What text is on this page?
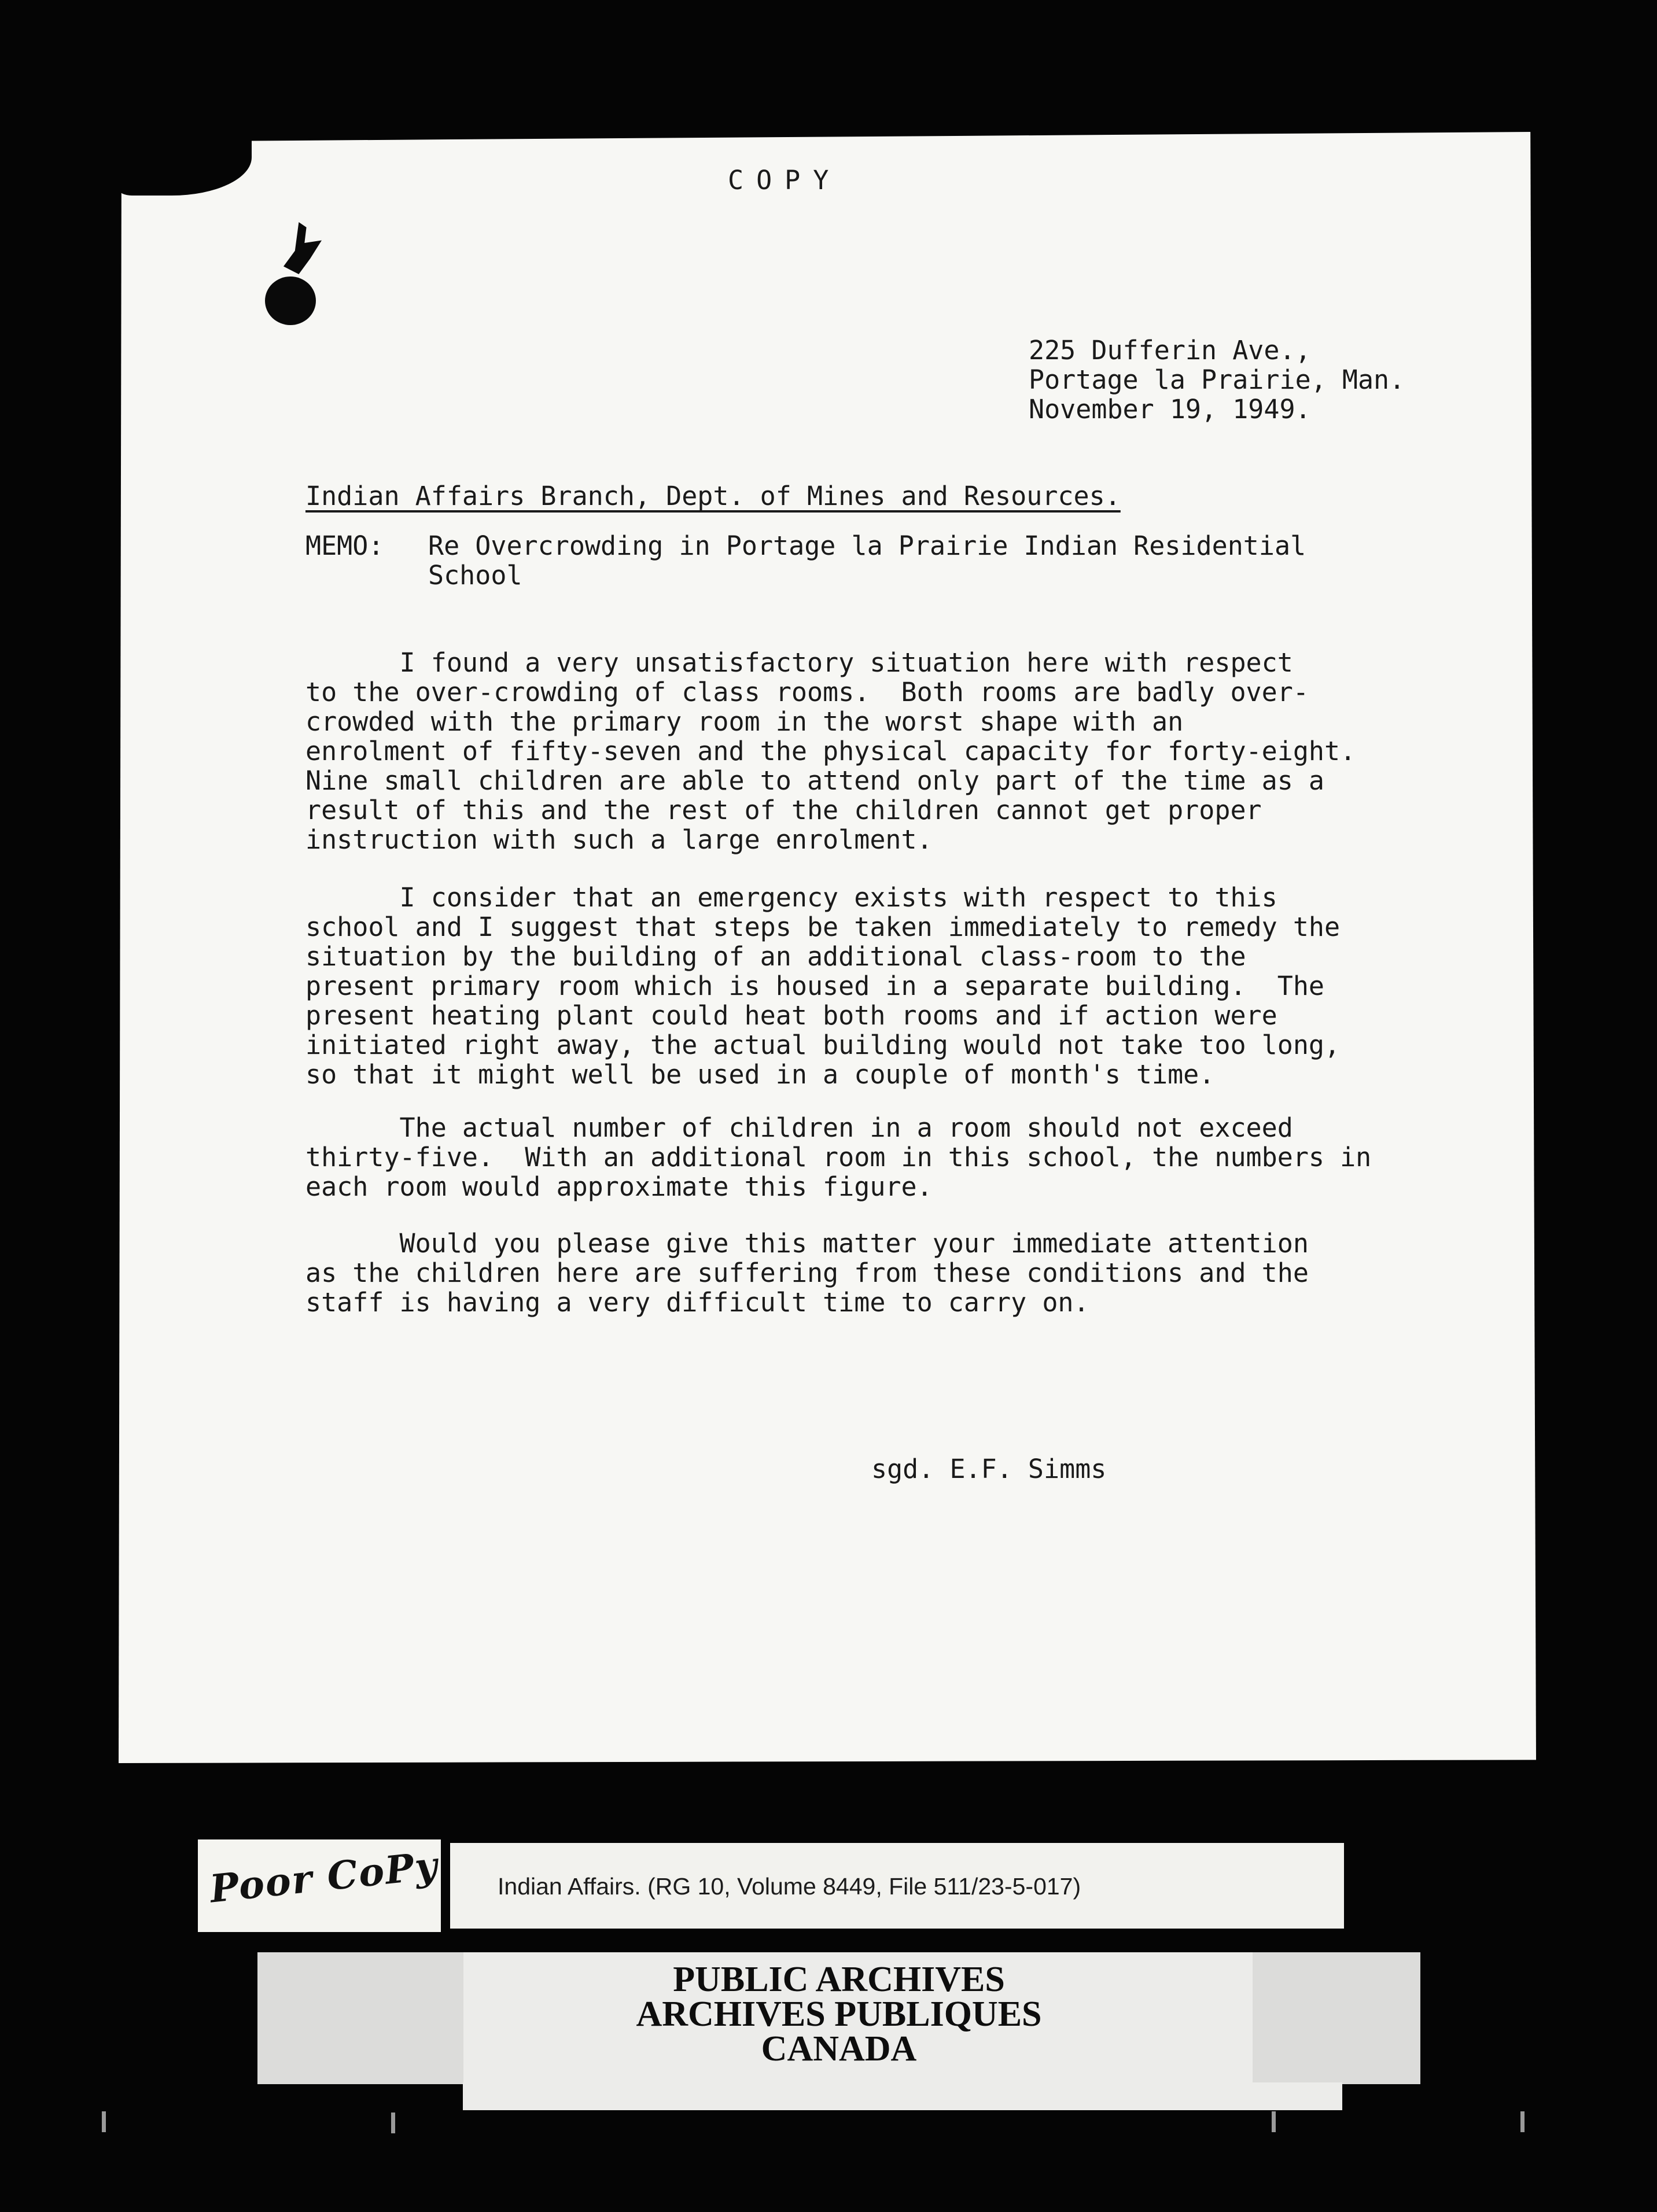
COPY
225 Dufferin Ave.,
Portage la Prairie, Man.
November 19, 1949.
Indian Affairs Branch, Dept. of Mines and Resources.
MEMO: Re Overcrowding in Portage la Prairie Indian Residential
School
I found a very unsatisfactory situation here with respect
to the over-crowding of class rooms.  Both rooms are badly over-
crowded with the primary room in the worst shape with an
enrolment of fifty-seven and the physical capacity for forty-eight.
Nine small children are able to attend only part of the time as a
result of this and the rest of the children cannot get proper
instruction with such a large enrolment.
I consider that an emergency exists with respect to this
school and I suggest that steps be taken immediately to remedy the
situation by the building of an additional class-room to the
present primary room which is housed in a separate building.  The
present heating plant could heat both rooms and if action were
initiated right away, the actual building would not take too long,
so that it might well be used in a couple of month's time.
The actual number of children in a room should not exceed
thirty-five.  With an additional room in this school, the numbers in
each room would approximate this figure.
Would you please give this matter your immediate attention
as the children here are suffering from these conditions and the
staff is having a very difficult time to carry on.
sgd. E.F. Simms
Poor CoPy Indian Affairs. (RG 10, Volume 8449, File 511/23-5-017)
PUBLIC ARCHIVES
ARCHIVES PUBLIQUES
CANADA
